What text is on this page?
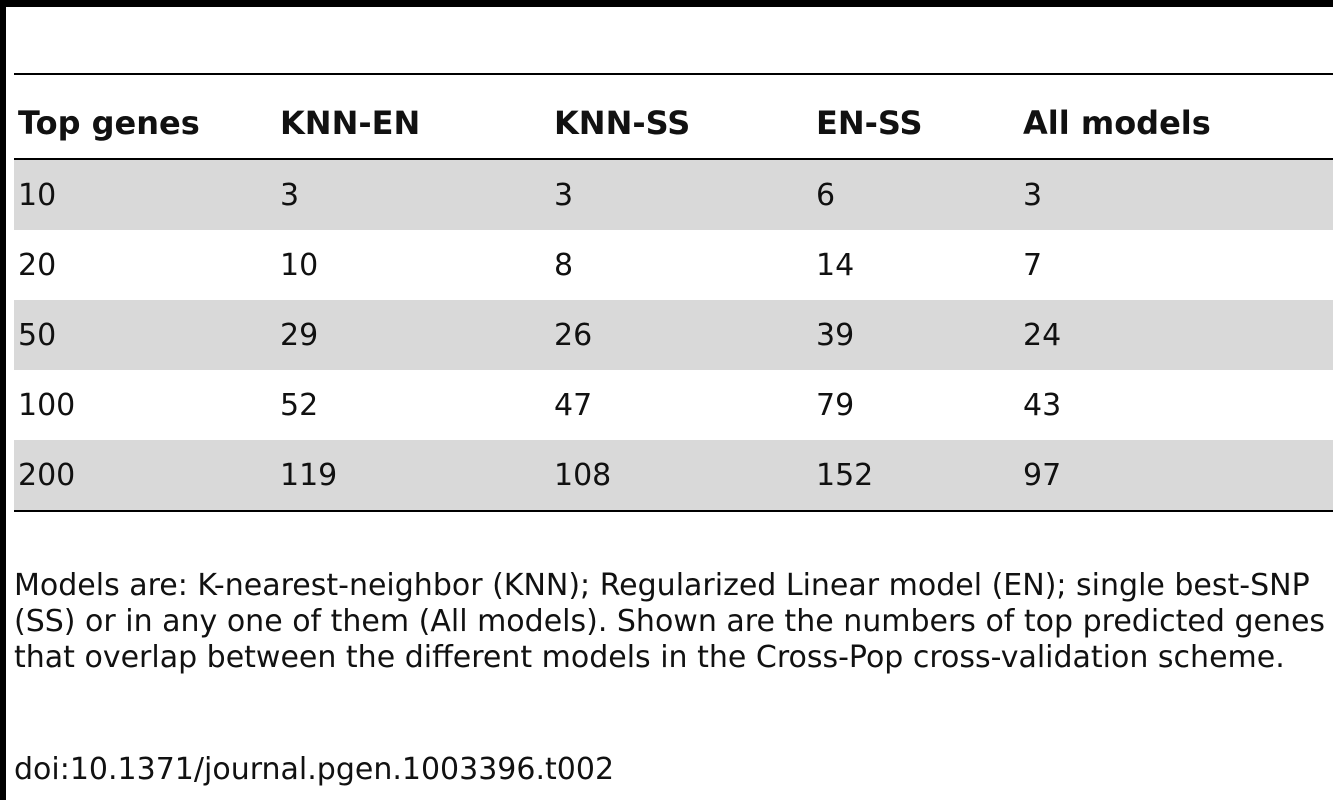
Top genes	KNN-EN	KNN-SS	EN-SS	All models
10	3	3	6	3
20	10	8	14	7
50	29	26	39	24
100	52	47	79	43
200	119	108	152	97
Models are: K-nearest-neighbor (KNN); Regularized Linear model (EN); single best-SNP (SS) or in any one of them (All models). Shown are the numbers of top predicted genes that overlap between the different models in the Cross-Pop cross-validation scheme.
doi:10.1371/journal.pgen.1003396.t002
